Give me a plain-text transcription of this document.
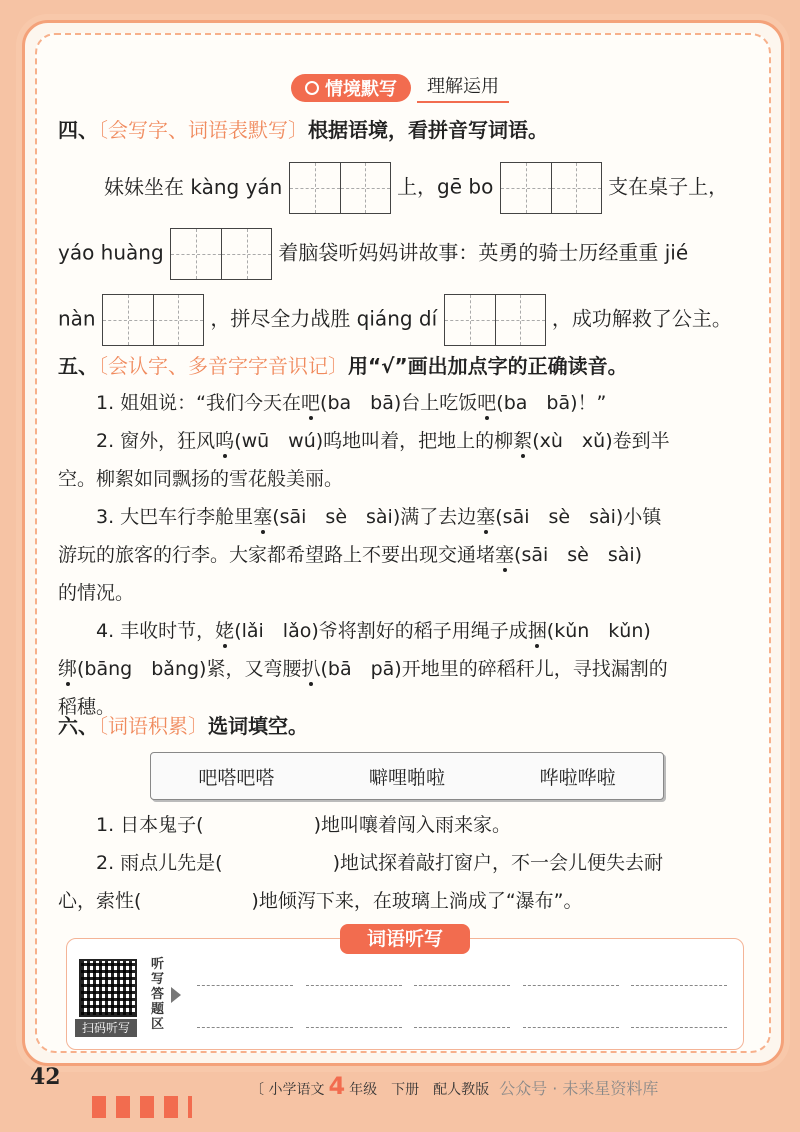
情境默写 理解运用
四、〔会写字、词语表默写〕根据语境，看拼音写词语。
妹妹坐在 kàng yán	上，gē bo	支在桌子上，
yáo huàng	着脑袋听妈妈讲故事：英勇的骑士历经重重 jié
nàn	，拼尽全力战胜 qiáng dí	，成功解救了公主。
五、〔会认字、多音字字音识记〕用“√”画出加点字的正确读音。
1. 姐姐说：“我们今天在吧(ba　bā)台上吃饭吧(ba　bā)！”
2. 窗外，狂风呜(wū　wú)呜地叫着，把地上的柳絮(xù　xǔ)卷到半
空。柳絮如同飘扬的雪花般美丽。
3. 大巴车行李舱里塞(sāi　sè　sài)满了去边塞(sāi　sè　sài)小镇
游玩的旅客的行李。大家都希望路上不要出现交通堵塞(sāi　sè　sài)
的情况。
4. 丰收时节，姥(lǎi　lǎo)爷将割好的稻子用绳子成捆(kǔn　kǔn)
绑(bāng　bǎng)紧，又弯腰扒(bā　pā)开地里的碎稻秆儿，寻找漏割的
稻穗。
六、〔词语积累〕选词填空。
吧嗒吧嗒	噼哩啪啦	哗啦哗啦
1. 日本鬼子(	)地叫嚷着闯入雨来家。
2. 雨点儿先是(	)地试探着敲打窗户，不一会儿便失去耐
心，索性(	)地倾泻下来，在玻璃上淌成了“瀑布”。
扫码听写
听写答题区
词语听写
42	〔 小学语文 4 年级　下册　配人教版 公众号 · 未来星资料库
